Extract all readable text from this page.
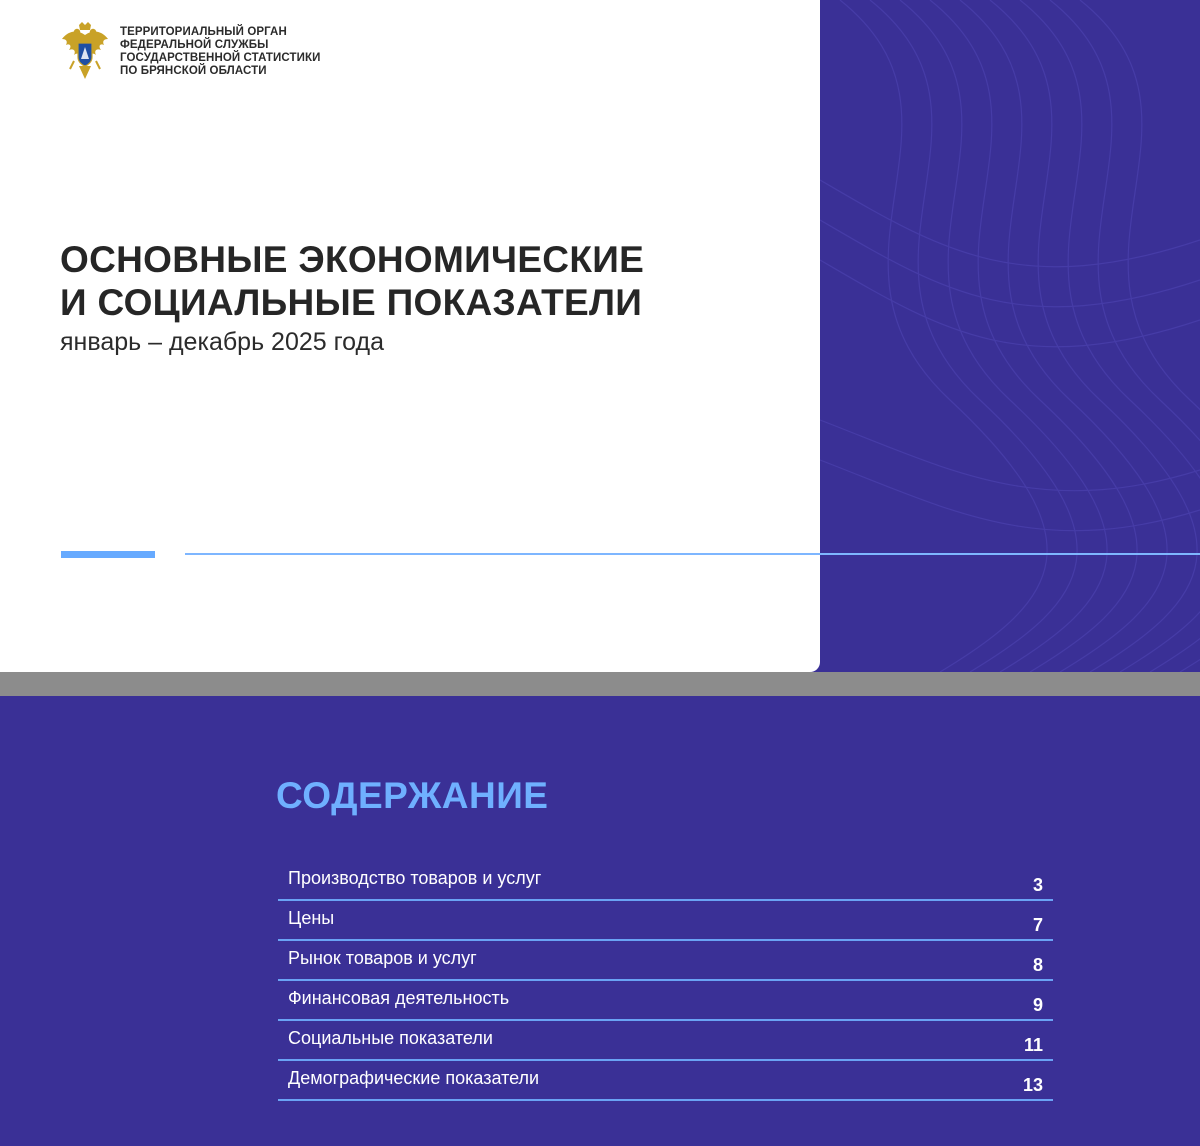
ТЕРРИТОРИАЛЬНЫЙ ОРГАН
ФЕДЕРАЛЬНОЙ СЛУЖБЫ
ГОСУДАРСТВЕННОЙ СТАТИСТИКИ
ПО БРЯНСКОЙ ОБЛАСТИ
ОСНОВНЫЕ ЭКОНОМИЧЕСКИЕ
И СОЦИАЛЬНЫЕ ПОКАЗАТЕЛИ
январь – декабрь 2025 года
СОДЕРЖАНИЕ
Производство товаров и услуг	3
Цены	7
Рынок товаров и услуг	8
Финансовая деятельность	9
Социальные показатели	11
Демографические показатели	13
